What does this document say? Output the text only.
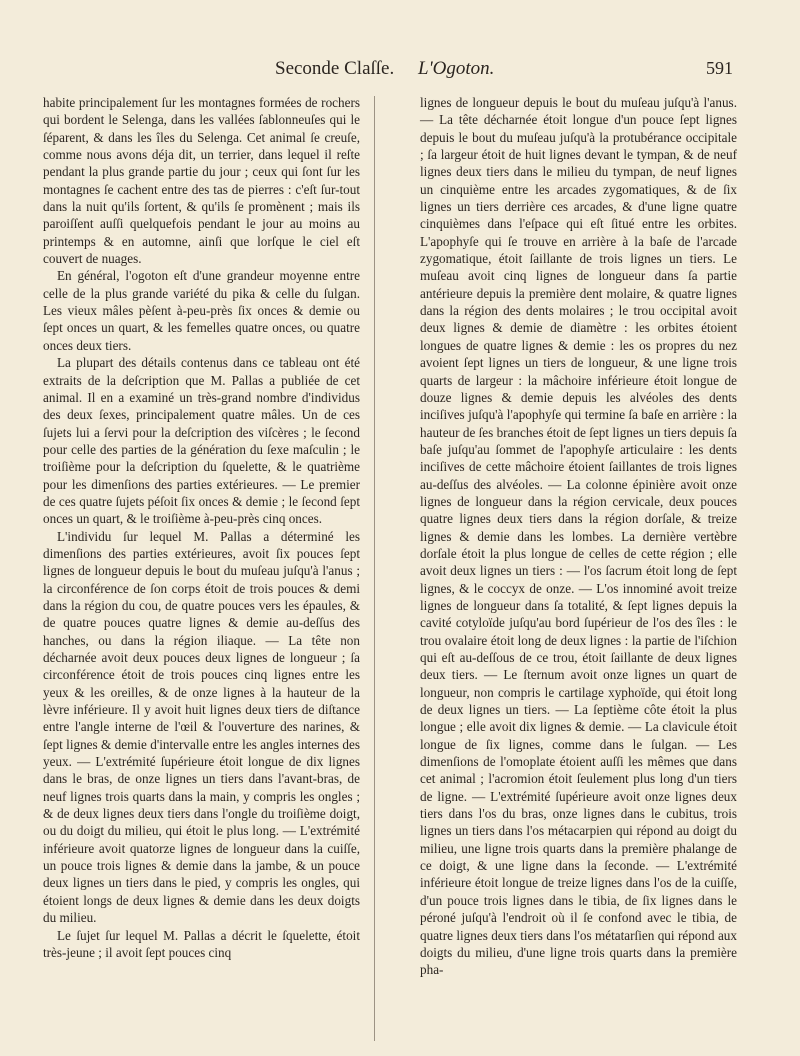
Seconde Claſſe. L'Ogoton.	591

habite principalement ſur les montagnes formées de rochers qui bordent le Selenga, dans les vallées ſablonneuſes qui le ſéparent, & dans les îles du Selenga. Cet animal ſe creuſe, comme nous avons déja dit, un terrier, dans lequel il reſte pendant la plus grande partie du jour ; ceux qui ſont ſur les montagnes ſe cachent entre des tas de pierres : c'eſt ſur-tout dans la nuit qu'ils ſortent, & qu'ils ſe promènent ; mais ils paroiſſent auſſi quelquefois pendant le jour au moins au printemps & en automne, ainſi que lorſque le ciel eſt couvert de nuages.

En général, l'ogoton eſt d'une grandeur moyenne entre celle de la plus grande variété du pika & celle du ſulgan. Les vieux mâles pèſent à-peu-près ſix onces & demie ou ſept onces un quart, & les femelles quatre onces, ou quatre onces deux tiers.

La plupart des détails contenus dans ce tableau ont été extraits de la deſcription que M. Pallas a publiée de cet animal. Il en a examiné un très-grand nombre d'individus des deux ſexes, principalement quatre mâles. Un de ces ſujets lui a ſervi pour la deſcription des viſcères ; le ſecond pour celle des parties de la génération du ſexe maſculin ; le troiſième pour la deſcription du ſquelette, & le quatrième pour les dimenſions des parties extérieures. — Le premier de ces quatre ſujets péſoit ſix onces & demie ; le ſecond ſept onces un quart, & le troiſième à-peu-près cinq onces.

L'individu ſur lequel M. Pallas a déterminé les dimenſions des parties extérieures, avoit ſix pouces ſept lignes de longueur depuis le bout du muſeau juſqu'à l'anus ; la circonférence de ſon corps étoit de trois pouces & demi dans la région du cou, de quatre pouces vers les épaules, & de quatre pouces quatre lignes & demie au-deſſus des hanches, ou dans la région iliaque. — La tête non décharnée avoit deux pouces deux lignes de longueur ; ſa circonférence étoit de trois pouces cinq lignes entre les yeux & les oreilles, & de onze lignes à la hauteur de la lèvre inférieure. Il y avoit huit lignes deux tiers de diſtance entre l'angle interne de l'œil & l'ouverture des narines, & ſept lignes & demie d'intervalle entre les angles internes des yeux. — L'extrémité ſupérieure étoit longue de dix lignes dans le bras, de onze lignes un tiers dans l'avant-bras, de neuf lignes trois quarts dans la main, y compris les ongles ; & de deux lignes deux tiers dans l'ongle du troiſième doigt, ou du doigt du milieu, qui étoit le plus long. — L'extrémité inférieure avoit quatorze lignes de longueur dans la cuiſſe, un pouce trois lignes & demie dans la jambe, & un pouce deux lignes un tiers dans le pied, y compris les ongles, qui étoient longs de deux lignes & demie dans les deux doigts du milieu.

Le ſujet ſur lequel M. Pallas a décrit le ſquelette, étoit très-jeune ; il avoit ſept pouces cinq

lignes de longueur depuis le bout du muſeau juſqu'à l'anus. — La tête décharnée étoit longue d'un pouce ſept lignes depuis le bout du muſeau juſqu'à la protubérance occipitale ; ſa largeur étoit de huit lignes devant le tympan, & de neuf lignes deux tiers dans le milieu du tympan, de neuf lignes un cinquième entre les arcades zygomatiques, & de ſix lignes un tiers derrière ces arcades, & d'une ligne quatre cinquièmes dans l'eſpace qui eſt ſitué entre les orbites. L'apophyſe qui ſe trouve en arrière à la baſe de l'arcade zygomatique, étoit ſaillante de trois lignes un tiers. Le muſeau avoit cinq lignes de longueur dans ſa partie antérieure depuis la première dent molaire, & quatre lignes dans la région des dents molaires ; le trou occipital avoit deux lignes & demie de diamètre : les orbites étoient longues de quatre lignes & demie : les os propres du nez avoient ſept lignes un tiers de longueur, & une ligne trois quarts de largeur : la mâchoire inférieure étoit longue de douze lignes & demie depuis les alvéoles des dents inciſives juſqu'à l'apophyſe qui termine ſa baſe en arrière : la hauteur de ſes branches étoit de ſept lignes un tiers depuis ſa baſe juſqu'au ſommet de l'apophyſe articulaire : les dents inciſives de cette mâchoire étoient ſaillantes de trois lignes au-deſſus des alvéoles. — La colonne épinière avoit onze lignes de longueur dans la région cervicale, deux pouces quatre lignes deux tiers dans la région dorſale, & treize lignes & demie dans les lombes. La dernière vertèbre dorſale étoit la plus longue de celles de cette région ; elle avoit deux lignes un tiers : — l'os ſacrum étoit long de ſept lignes, & le coccyx de onze. — L'os innominé avoit treize lignes de longueur dans ſa totalité, & ſept lignes depuis la cavité cotyloïde juſqu'au bord ſupérieur de l'os des îles : le trou ovalaire étoit long de deux lignes : la partie de l'iſchion qui eſt au-deſſous de ce trou, étoit ſaillante de deux lignes deux tiers. — Le ſternum avoit onze lignes un quart de longueur, non compris le cartilage xyphoïde, qui étoit long de deux lignes un tiers. — La ſeptième côte étoit la plus longue ; elle avoit dix lignes & demie. — La clavicule étoit longue de ſix lignes, comme dans le ſulgan. — Les dimenſions de l'omoplate étoient auſſi les mêmes que dans cet animal ; l'acromion étoit ſeulement plus long d'un tiers de ligne. — L'extrémité ſupérieure avoit onze lignes deux tiers dans l'os du bras, onze lignes dans le cubitus, trois lignes un tiers dans l'os métacarpien qui répond au doigt du milieu, une ligne trois quarts dans la première phalange de ce doigt, & une ligne dans la ſeconde. — L'extrémité inférieure étoit longue de treize lignes dans l'os de la cuiſſe, d'un pouce trois lignes dans le tibia, de ſix lignes dans le péroné juſqu'à l'endroit où il ſe confond avec le tibia, de quatre lignes deux tiers dans l'os métatarſien qui répond aux doigts du milieu, d'une ligne trois quarts dans la première pha-
